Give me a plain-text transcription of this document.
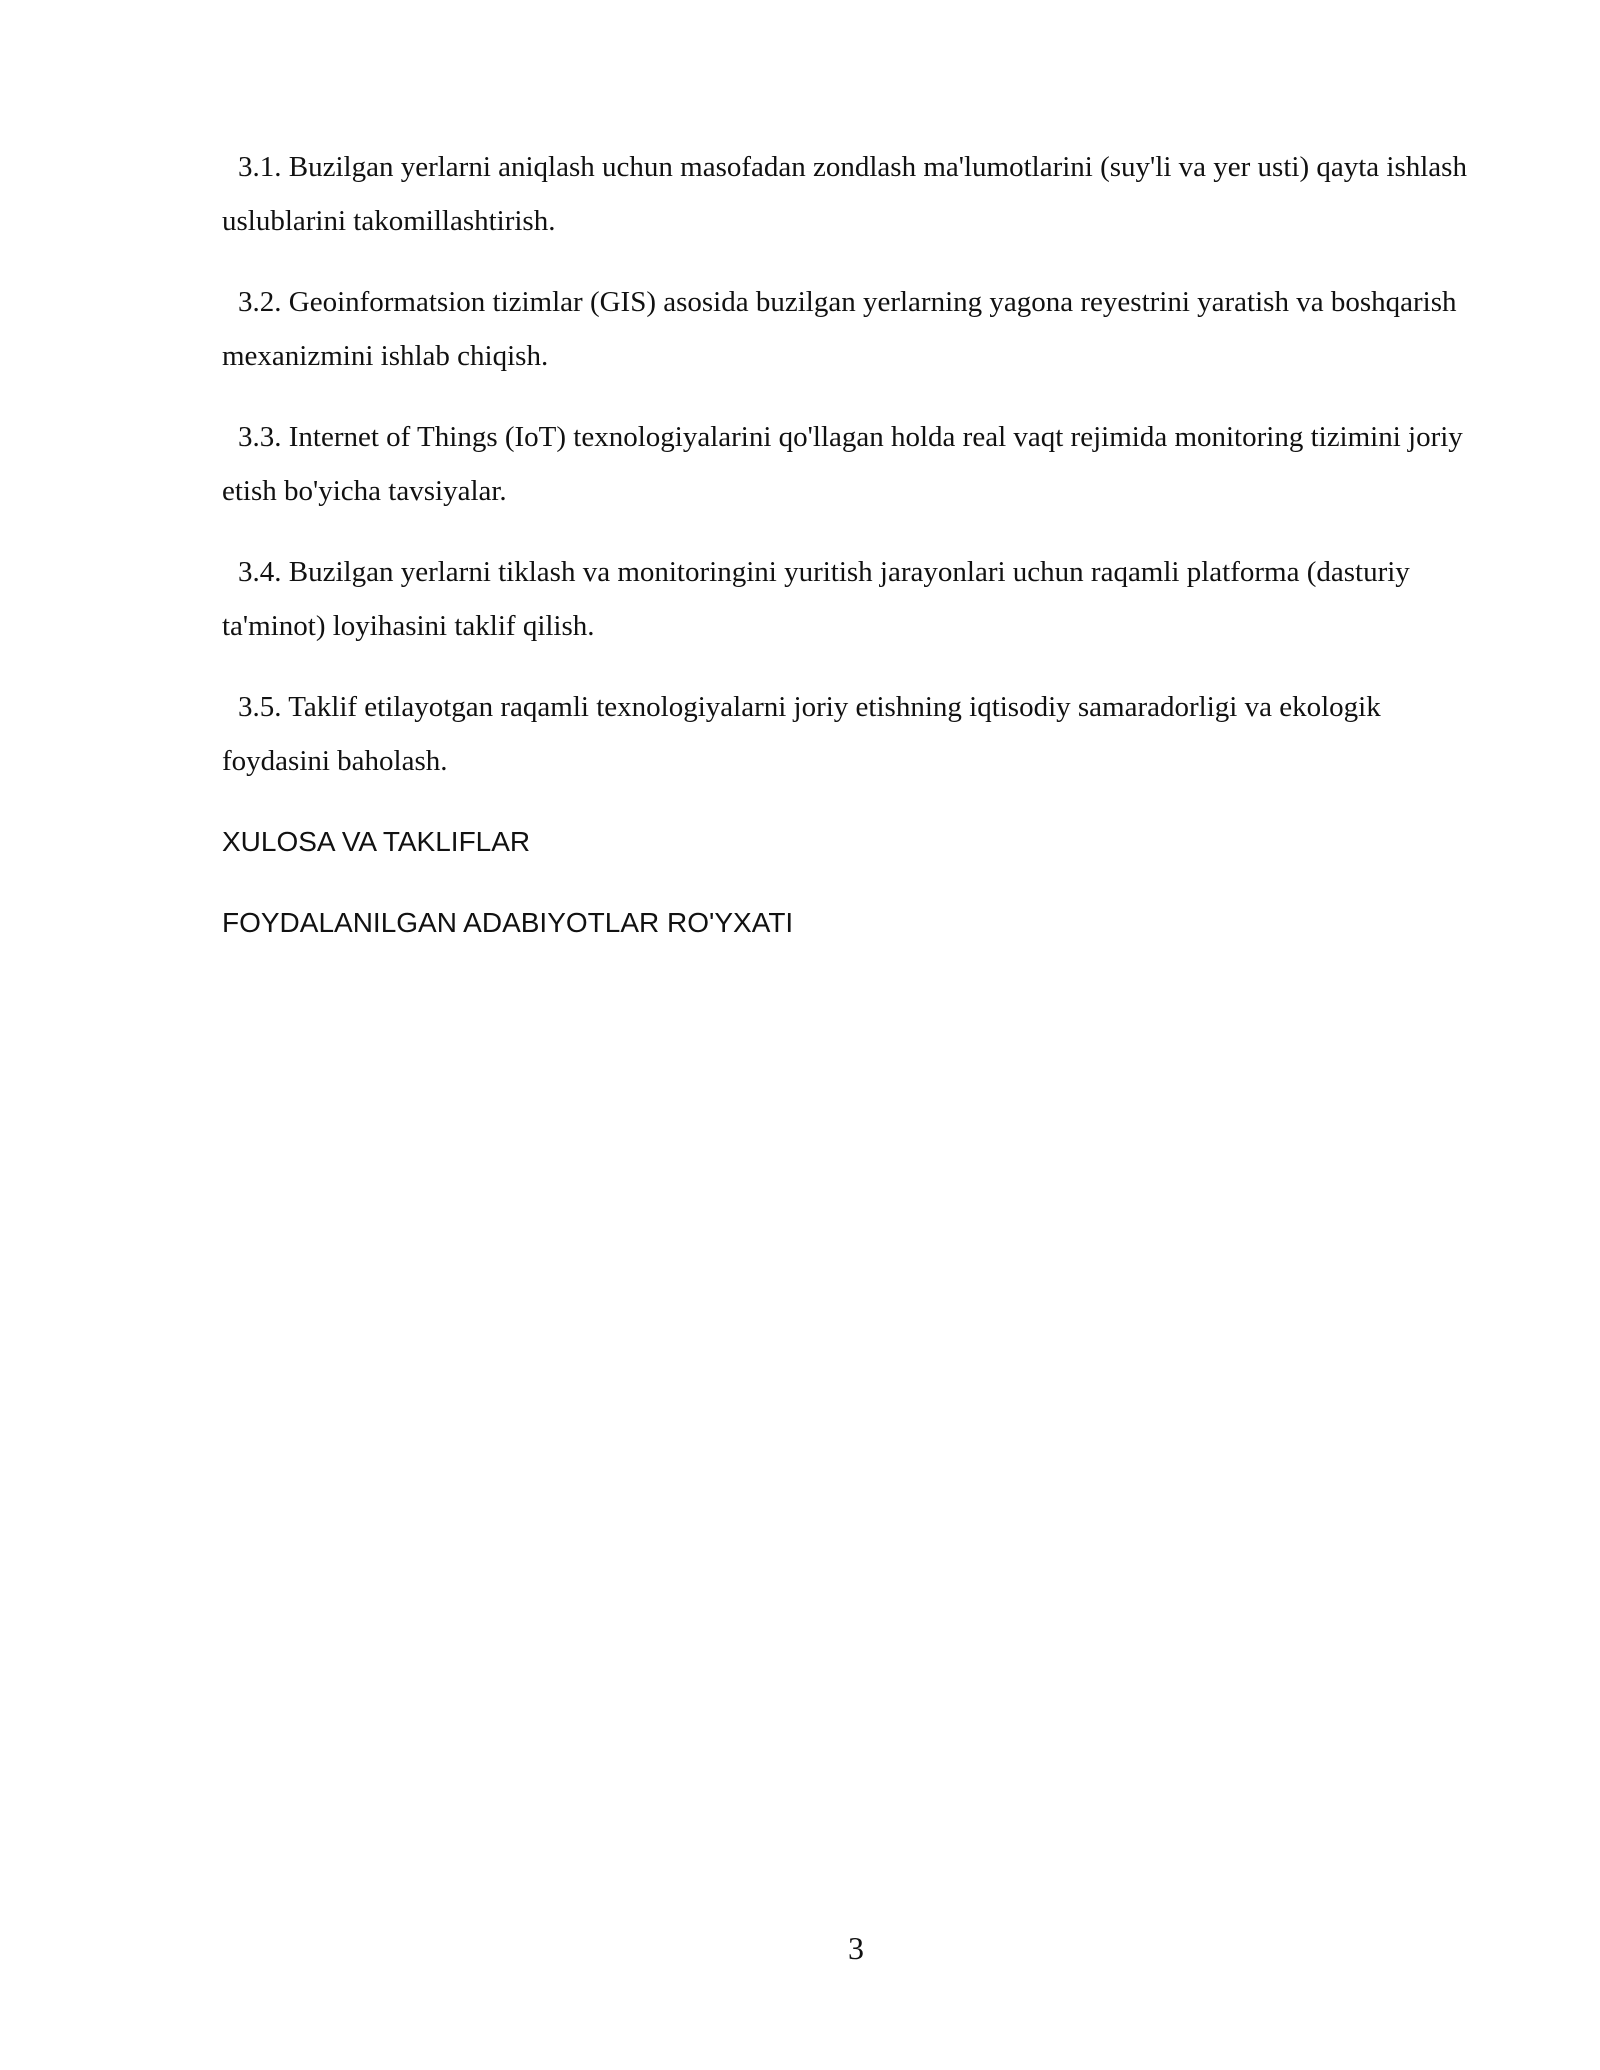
3.1. Buzilgan yerlarni aniqlash uchun masofadan zondlash ma'lumotlarini (suy'li va yer usti) qayta ishlash uslublarini takomillashtirish.

3.2. Geoinformatsion tizimlar (GIS) asosida buzilgan yerlarning yagona reyestrini yaratish va boshqarish mexanizmini ishlab chiqish.

3.3. Internet of Things (IoT) texnologiyalarini qo'llagan holda real vaqt rejimida monitoring tizimini joriy etish bo'yicha tavsiyalar.

3.4. Buzilgan yerlarni tiklash va monitoringini yuritish jarayonlari uchun raqamli platforma (dasturiy ta'minot) loyihasini taklif qilish.

3.5. Taklif etilayotgan raqamli texnologiyalarni joriy etishning iqtisodiy samaradorligi va ekologik foydasini baholash.

XULOSA VA TAKLIFLAR
FOYDALANILGAN ADABIYOTLAR RO'YXATI
3
